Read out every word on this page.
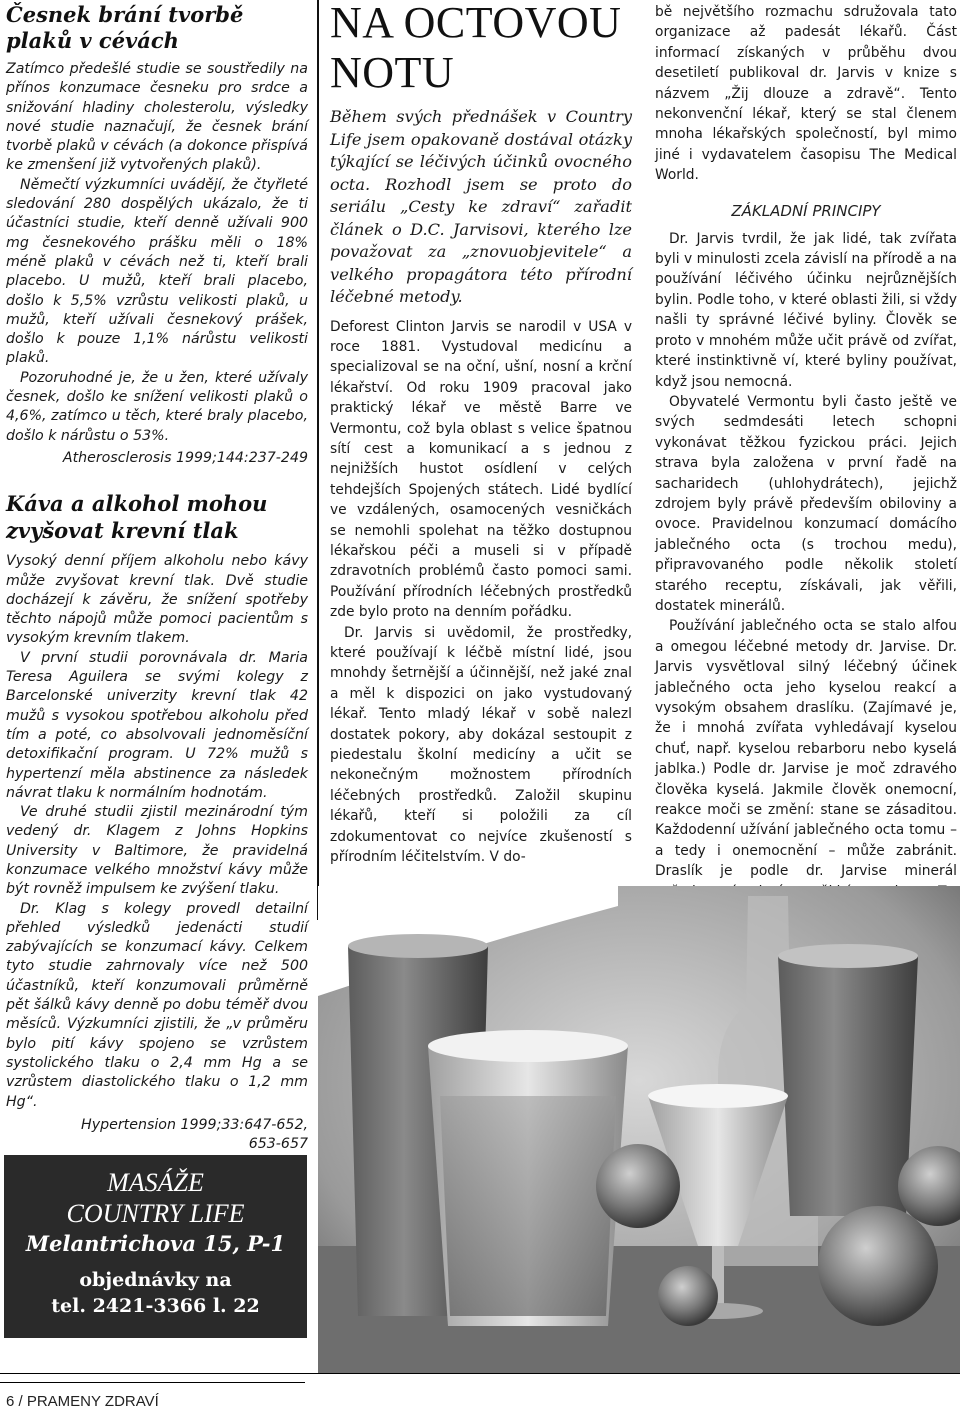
Česnek brání tvorbě
plaků v cévách

Zatímco předešlé studie se soustředily na přínos konzumace česneku pro srdce a snižování hladiny cholesterolu, výsledky nové studie naznačují, že česnek brání tvorbě plaků v cévách (a dokonce přispívá ke zmenšení již vytvořených plaků).

Němečtí výzkumníci uvádějí, že čtyřleté sledování 280 dospělých ukázalo, že ti účastníci studie, kteří denně užívali 900 mg česnekového prášku měli o 18% méně plaků v cévách než ti, kteří brali placebo. U mužů, kteří brali placebo, došlo k 5,5% vzrůstu velikosti plaků, u mužů, kteří užívali česnekový prášek, došlo k pouze 1,1% nárůstu velikosti plaků.

Pozoruhodné je, že u žen, které užívaly česnek, došlo ke snížení velikosti plaků o 4,6%, zatímco u těch, které braly placebo, došlo k nárůstu o 53%.

Atherosclerosis 1999;144:237-249
Káva a alkohol mohou
zvyšovat krevní tlak

Vysoký denní příjem alkoholu nebo kávy může zvyšovat krevní tlak. Dvě studie docházejí k závěru, že snížení spotřeby těchto nápojů může pomoci pacientům s vysokým krevním tlakem.

V první studii porovnávala dr. Maria Teresa Aguilera se svými kolegy z Barcelonské univerzity krevní tlak 42 mužů s vysokou spotřebou alkoholu před tím a poté, co absolvovali jednoměsíční detoxifikační program. U 72% mužů s hypertenzí měla abstinence za následek návrat tlaku k normálním hodnotám.

Ve druhé studii zjistil mezinárodní tým vedený dr. Klagem z Johns Hopkins University v Baltimore, že pravidelná konzumace velkého množství kávy může být rovněž impulsem ke zvýšení tlaku.

Dr. Klag s kolegy provedl detailní přehled výsledků jedenácti studií zabývajících se konzumací kávy. Celkem tyto studie zahrnovaly více než 500 účastníků, kteří konzumovali průměrně pět šálků kávy denně po dobu téměř dvou měsíců. Výzkumníci zjistili, že „v průměru bylo pití kávy spojeno se vzrůstem systolického tlaku o 2,4 mm Hg a se vzrůstem diastolického tlaku o 1,2 mm Hg“.

Hypertension 1999;33:647-652,
653-657
MASÁŽE
COUNTRY LIFE
Melantrichova 15, P-1
objednávky na
tel. 2421-3366 l. 22
6 / PRAMENY ZDRAVÍ
NA OCTOVOU
NOTU
Během svých přednášek v Country Life jsem opakovaně dostával otázky týkající se léčivých účinků ovocného octa. Rozhodl jsem se proto do seriálu „Cesty ke zdraví“ zařadit článek o D.C. Jarvisovi, kterého lze považovat za „znovuobjevitele“ a velkého propagátora této přírodní léčebné metody.

Deforest Clinton Jarvis se narodil v USA v roce 1881. Vystudoval medicínu a specializoval se na oční, ušní, nosní a krční lékařství. Od roku 1909 pracoval jako praktický lékař ve městě Barre ve Vermontu, což byla oblast s velice špatnou sítí cest a komunikací a s jednou z nejnižších hustot osídlení v celých tehdejších Spojených státech. Lidé bydlící ve vzdálených, osamocených vesničkách se nemohli spolehat na těžko dostupnou lékařskou péči a museli si v případě zdravotních problémů často pomoci sami. Používání přírodních léčebných prostředků zde bylo proto na denním pořádku.

Dr. Jarvis si uvědomil, že prostředky, které používají k léčbě místní lidé, jsou mnohdy šetrnější a účinnější, než jaké znal a měl k dispozici on jako vystudovaný lékař. Tento mladý lékař v sobě nalezl dostatek pokory, aby dokázal sestoupit z piedestalu školní medicíny a učit se nekonečným možnostem přírodních léčebných prostředků. Založil skupinu lékařů, kteří si položili za cíl zdokumentovat co nejvíce zkušeností s přírodním léčitelstvím. V do-

bě největšího rozmachu sdružovala tato organizace až padesát lékařů. Část informací získaných v průběhu dvou desetiletí publikoval dr. Jarvis v knize s názvem „Žij dlouze a zdravě“. Tento nekonvenční lékař, který se stal členem mnoha lékařských společností, byl mimo jiné i vydavatelem časopisu The Medical World.

ZÁKLADNÍ PRINCIPY

Dr. Jarvis tvrdil, že jak lidé, tak zvířata byli v minulosti zcela závislí na přírodě a na používání léčivého účinku nejrůznějších bylin. Podle toho, v které oblasti žili, si vždy našli ty správné léčivé byliny. Člověk se proto v mnohém může učit právě od zvířat, které instinktivně ví, které byliny používat, když jsou nemocná.

Obyvatelé Vermontu byli často ještě ve svých sedmdesáti letech schopni vykonávat těžkou fyzickou práci. Jejich strava byla založena v první řadě na sacharidech (uhlohydrátech), jejichž zdrojem byly právě především obiloviny a ovoce. Pravidelnou konzumací domácího jablečného octa (s trochou medu), připravovaného podle několik století starého receptu, získávali, jak věřili, dostatek minerálů.

Používání jablečného octa se stalo alfou a omegou léčebné metody dr. Jarvise. Dr. Jarvis vysvětloval silný léčebný účinek jablečného octa jeho kyselou reakcí a vysokým obsahem draslíku. (Zajímavé je, že i mnohá zvířata vyhledávají kyselou chuť, např. kyselou rebarboru nebo kyselá jablka.) Podle dr. Jarvise je moč zdravého člověka kyselá. Jakmile člověk onemocní, reakce moči se změní: stane se zásaditou. Každodenní užívání jablečného octa tomu – a tedy i onemocnění – může zabránit. Draslík je podle dr. Jarvise minerál
